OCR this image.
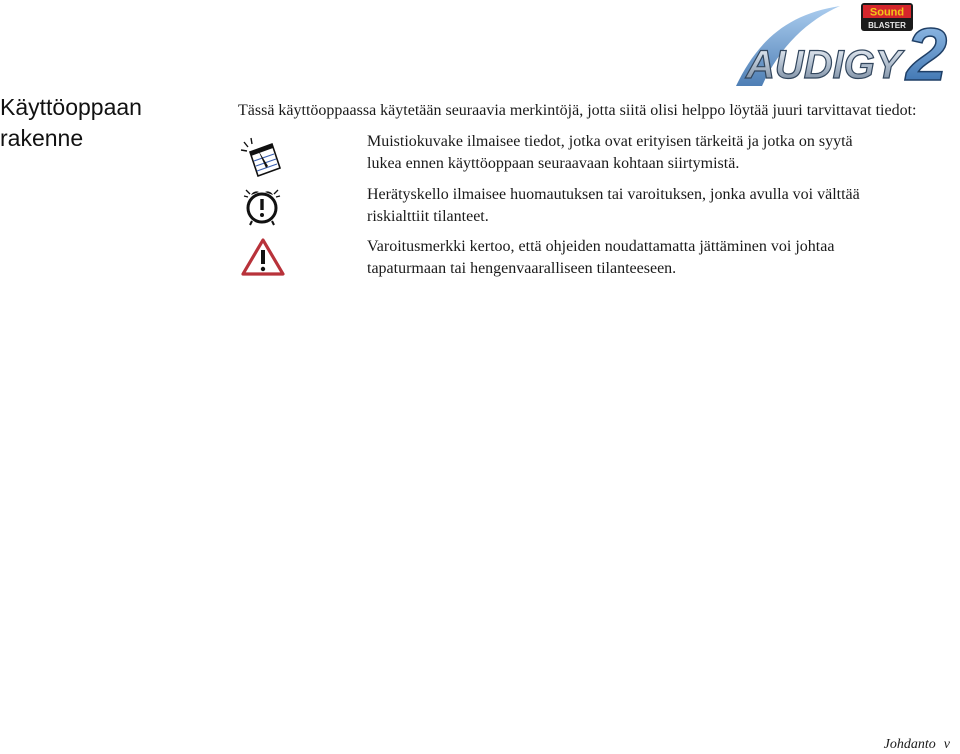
Sound
BLASTER
AUDIGY 2
Käyttöoppaan
rakenne

Tässä käyttöoppaassa käytetään seuraavia merkintöjä, jotta siitä olisi helppo löytää juuri tarvittavat tiedot:

Muistiokuvake ilmaisee tiedot, jotka ovat erityisen tärkeitä ja jotka on syytä
lukea ennen käyttöoppaan seuraavaan kohtaan siirtymistä.

Herätyskello ilmaisee huomautuksen tai varoituksen, jonka avulla voi välttää
riskialttiit tilanteet.

Varoitusmerkki kertoo, että ohjeiden noudattamatta jättäminen voi johtaa
tapaturmaan tai hengenvaaralliseen tilanteeseen.

Johdanto v
